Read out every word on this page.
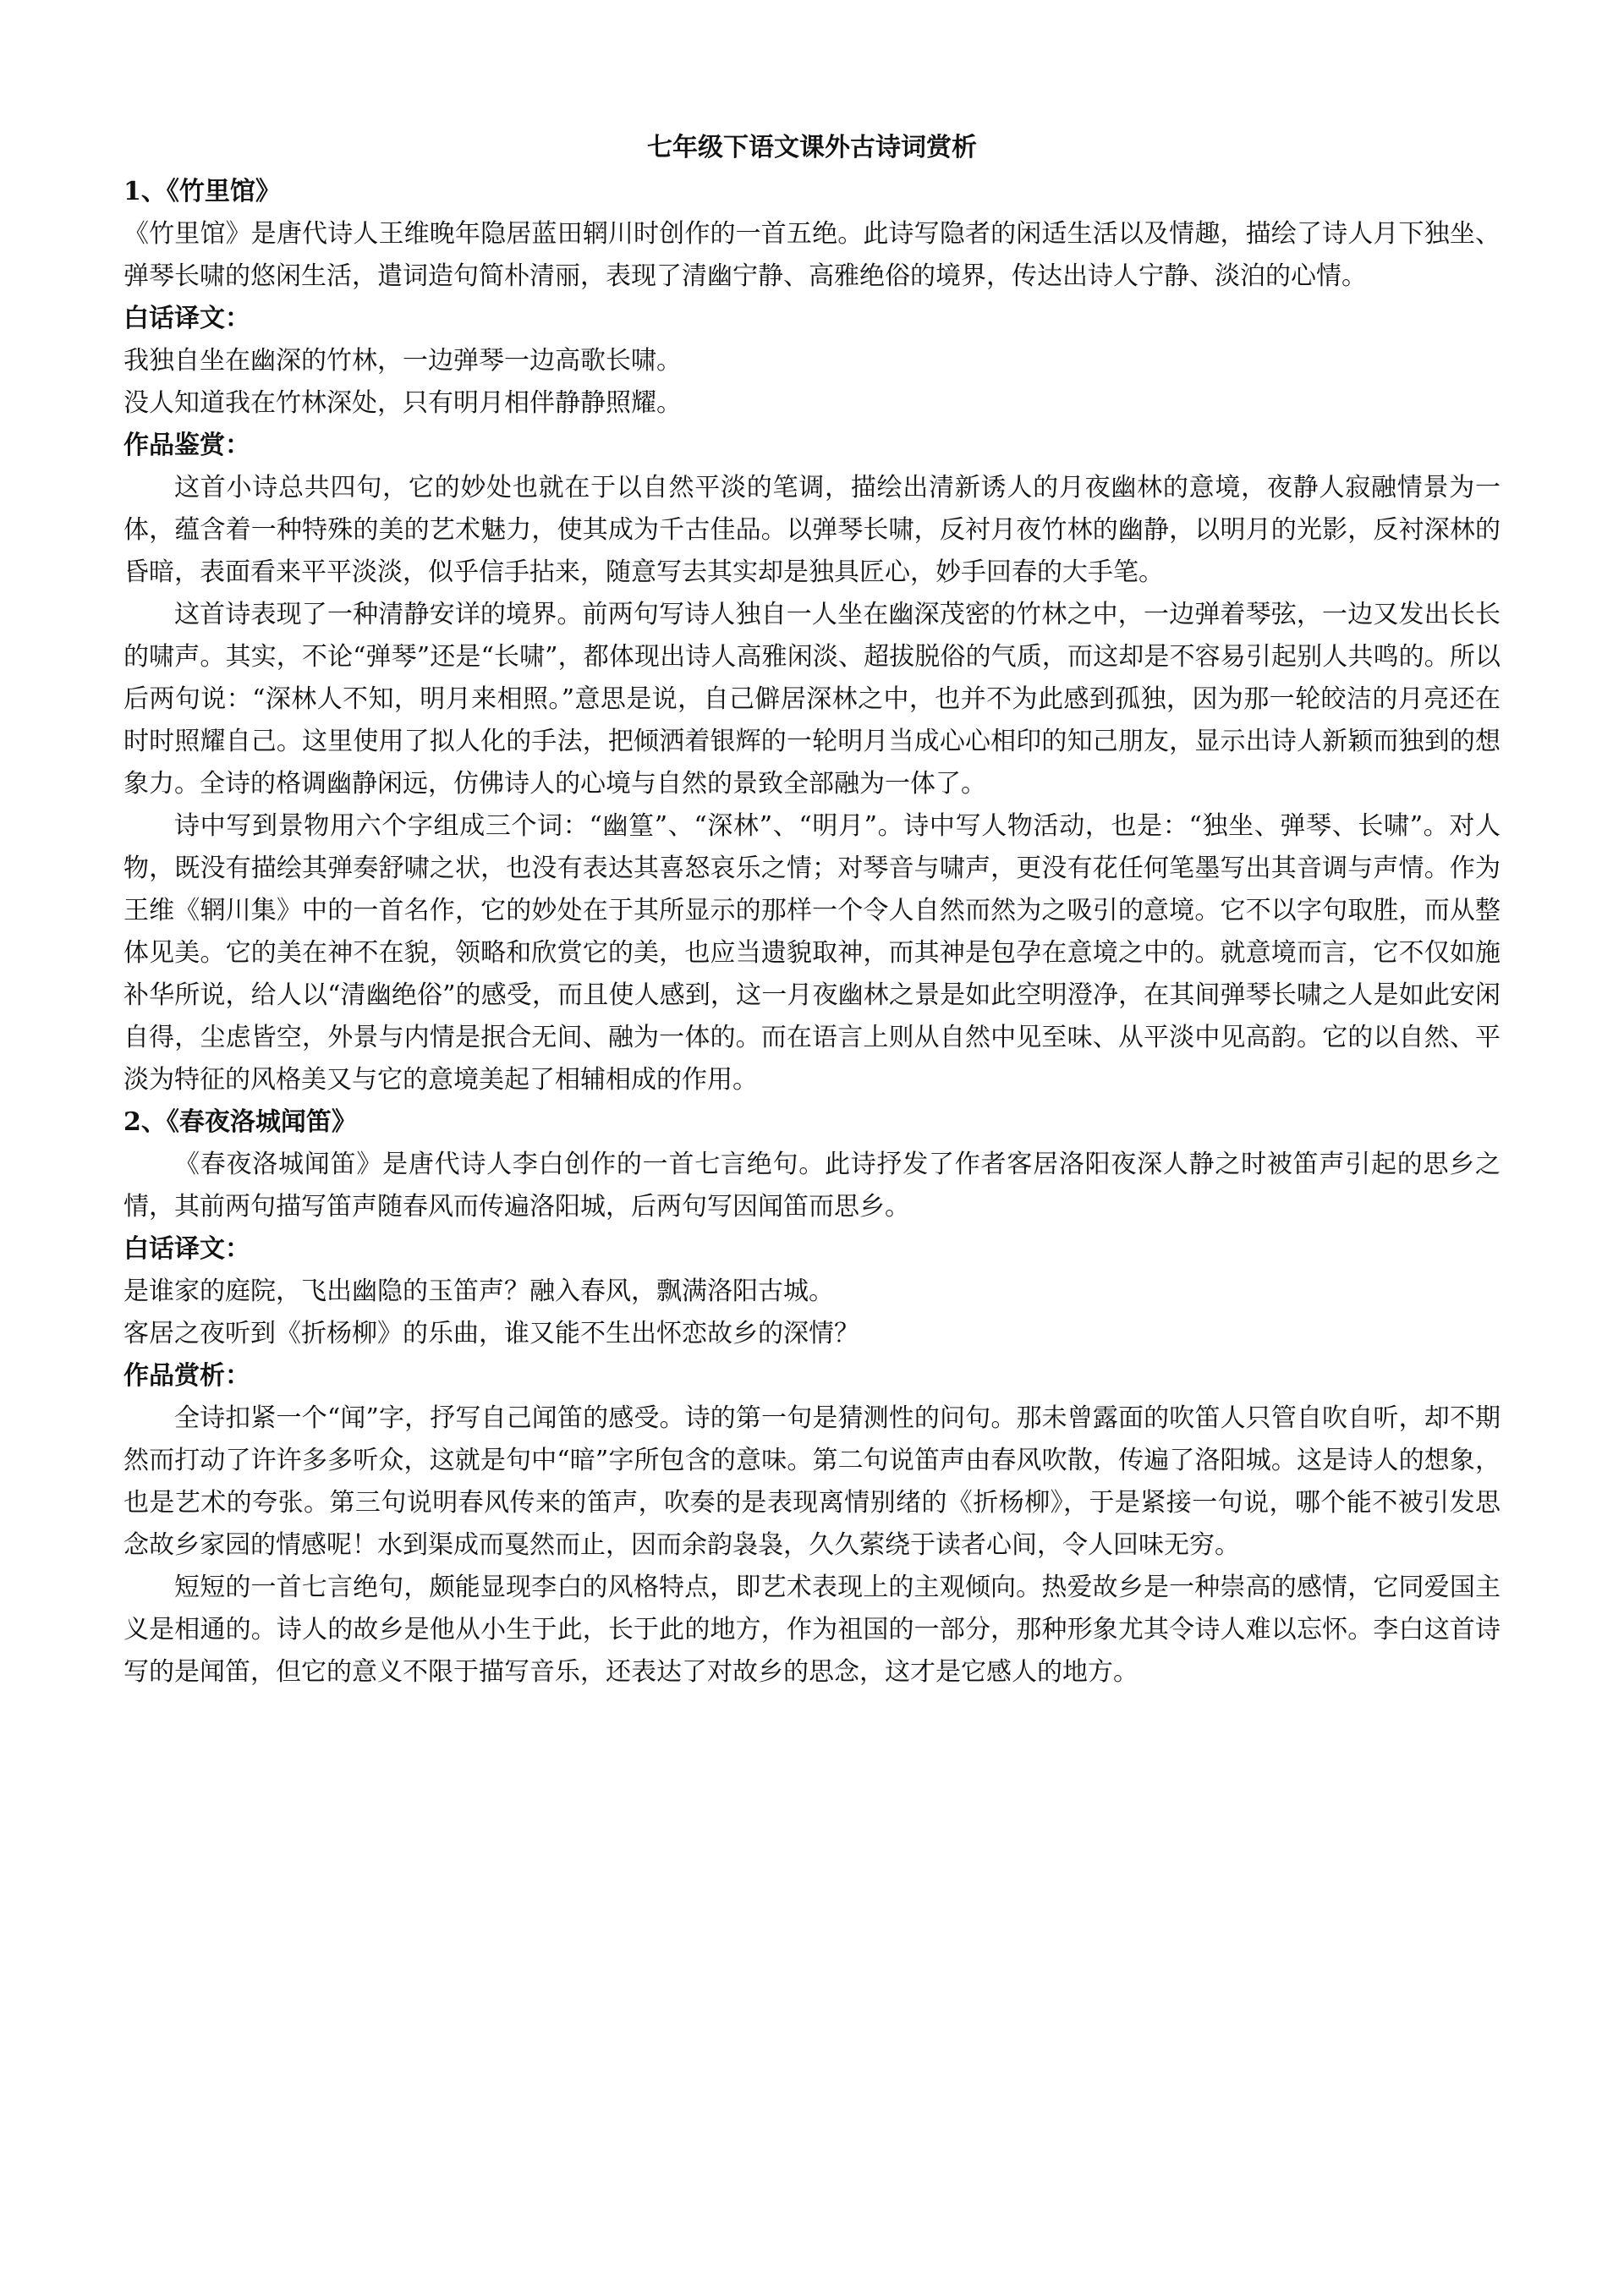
七年级下语文课外古诗词赏析
1、《竹里馆》
《竹里馆》是唐代诗人王维晚年隐居蓝田辋川时创作的一首五绝。此诗写隐者的闲适生活以及情趣，描绘了诗人月下独坐、弹琴长啸的悠闲生活，遣词造句简朴清丽，表现了清幽宁静、高雅绝俗的境界，传达出诗人宁静、淡泊的心情。
白话译文：
我独自坐在幽深的竹林，一边弹琴一边高歌长啸。
没人知道我在竹林深处，只有明月相伴静静照耀。
作品鉴赏：
这首小诗总共四句，它的妙处也就在于以自然平淡的笔调，描绘出清新诱人的月夜幽林的意境，夜静人寂融情景为一体，蕴含着一种特殊的美的艺术魅力，使其成为千古佳品。以弹琴长啸，反衬月夜竹林的幽静，以明月的光影，反衬深林的昏暗，表面看来平平淡淡，似乎信手拈来，随意写去其实却是独具匠心，妙手回春的大手笔。
这首诗表现了一种清静安详的境界。前两句写诗人独自一人坐在幽深茂密的竹林之中，一边弹着琴弦，一边又发出长长的啸声。其实，不论“弹琴”还是“长啸”，都体现出诗人高雅闲淡、超拔脱俗的气质，而这却是不容易引起别人共鸣的。所以后两句说：“深林人不知，明月来相照。”意思是说，自己僻居深林之中，也并不为此感到孤独，因为那一轮皎洁的月亮还在时时照耀自己。这里使用了拟人化的手法，把倾洒着银辉的一轮明月当成心心相印的知己朋友，显示出诗人新颖而独到的想象力。全诗的格调幽静闲远，仿佛诗人的心境与自然的景致全部融为一体了。
诗中写到景物用六个字组成三个词：“幽篁”、“深林”、“明月”。诗中写人物活动，也是：“独坐、弹琴、长啸”。对人物，既没有描绘其弹奏舒啸之状，也没有表达其喜怒哀乐之情；对琴音与啸声，更没有花任何笔墨写出其音调与声情。作为王维《辋川集》中的一首名作，它的妙处在于其所显示的那样一个令人自然而然为之吸引的意境。它不以字句取胜，而从整体见美。它的美在神不在貌，领略和欣赏它的美，也应当遗貌取神，而其神是包孕在意境之中的。就意境而言，它不仅如施补华所说，给人以“清幽绝俗”的感受，而且使人感到，这一月夜幽林之景是如此空明澄净，在其间弹琴长啸之人是如此安闲自得，尘虑皆空，外景与内情是抿合无间、融为一体的。而在语言上则从自然中见至味、从平淡中见高韵。它的以自然、平淡为特征的风格美又与它的意境美起了相辅相成的作用。
2、《春夜洛城闻笛》
《春夜洛城闻笛》是唐代诗人李白创作的一首七言绝句。此诗抒发了作者客居洛阳夜深人静之时被笛声引起的思乡之情，其前两句描写笛声随春风而传遍洛阳城，后两句写因闻笛而思乡。
白话译文：
是谁家的庭院，飞出幽隐的玉笛声？融入春风，飘满洛阳古城。
客居之夜听到《折杨柳》的乐曲，谁又能不生出怀恋故乡的深情？
作品赏析：
全诗扣紧一个“闻”字，抒写自己闻笛的感受。诗的第一句是猜测性的问句。那未曾露面的吹笛人只管自吹自听，却不期然而打动了许许多多听众，这就是句中“暗”字所包含的意味。第二句说笛声由春风吹散，传遍了洛阳城。这是诗人的想象，也是艺术的夸张。第三句说明春风传来的笛声，吹奏的是表现离情别绪的《折杨柳》，于是紧接一句说，哪个能不被引发思念故乡家园的情感呢！水到渠成而戛然而止，因而余韵袅袅，久久萦绕于读者心间，令人回味无穷。
短短的一首七言绝句，颇能显现李白的风格特点，即艺术表现上的主观倾向。热爱故乡是一种崇高的感情，它同爱国主义是相通的。诗人的故乡是他从小生于此，长于此的地方，作为祖国的一部分，那种形象尤其令诗人难以忘怀。李白这首诗写的是闻笛，但它的意义不限于描写音乐，还表达了对故乡的思念，这才是它感人的地方。
